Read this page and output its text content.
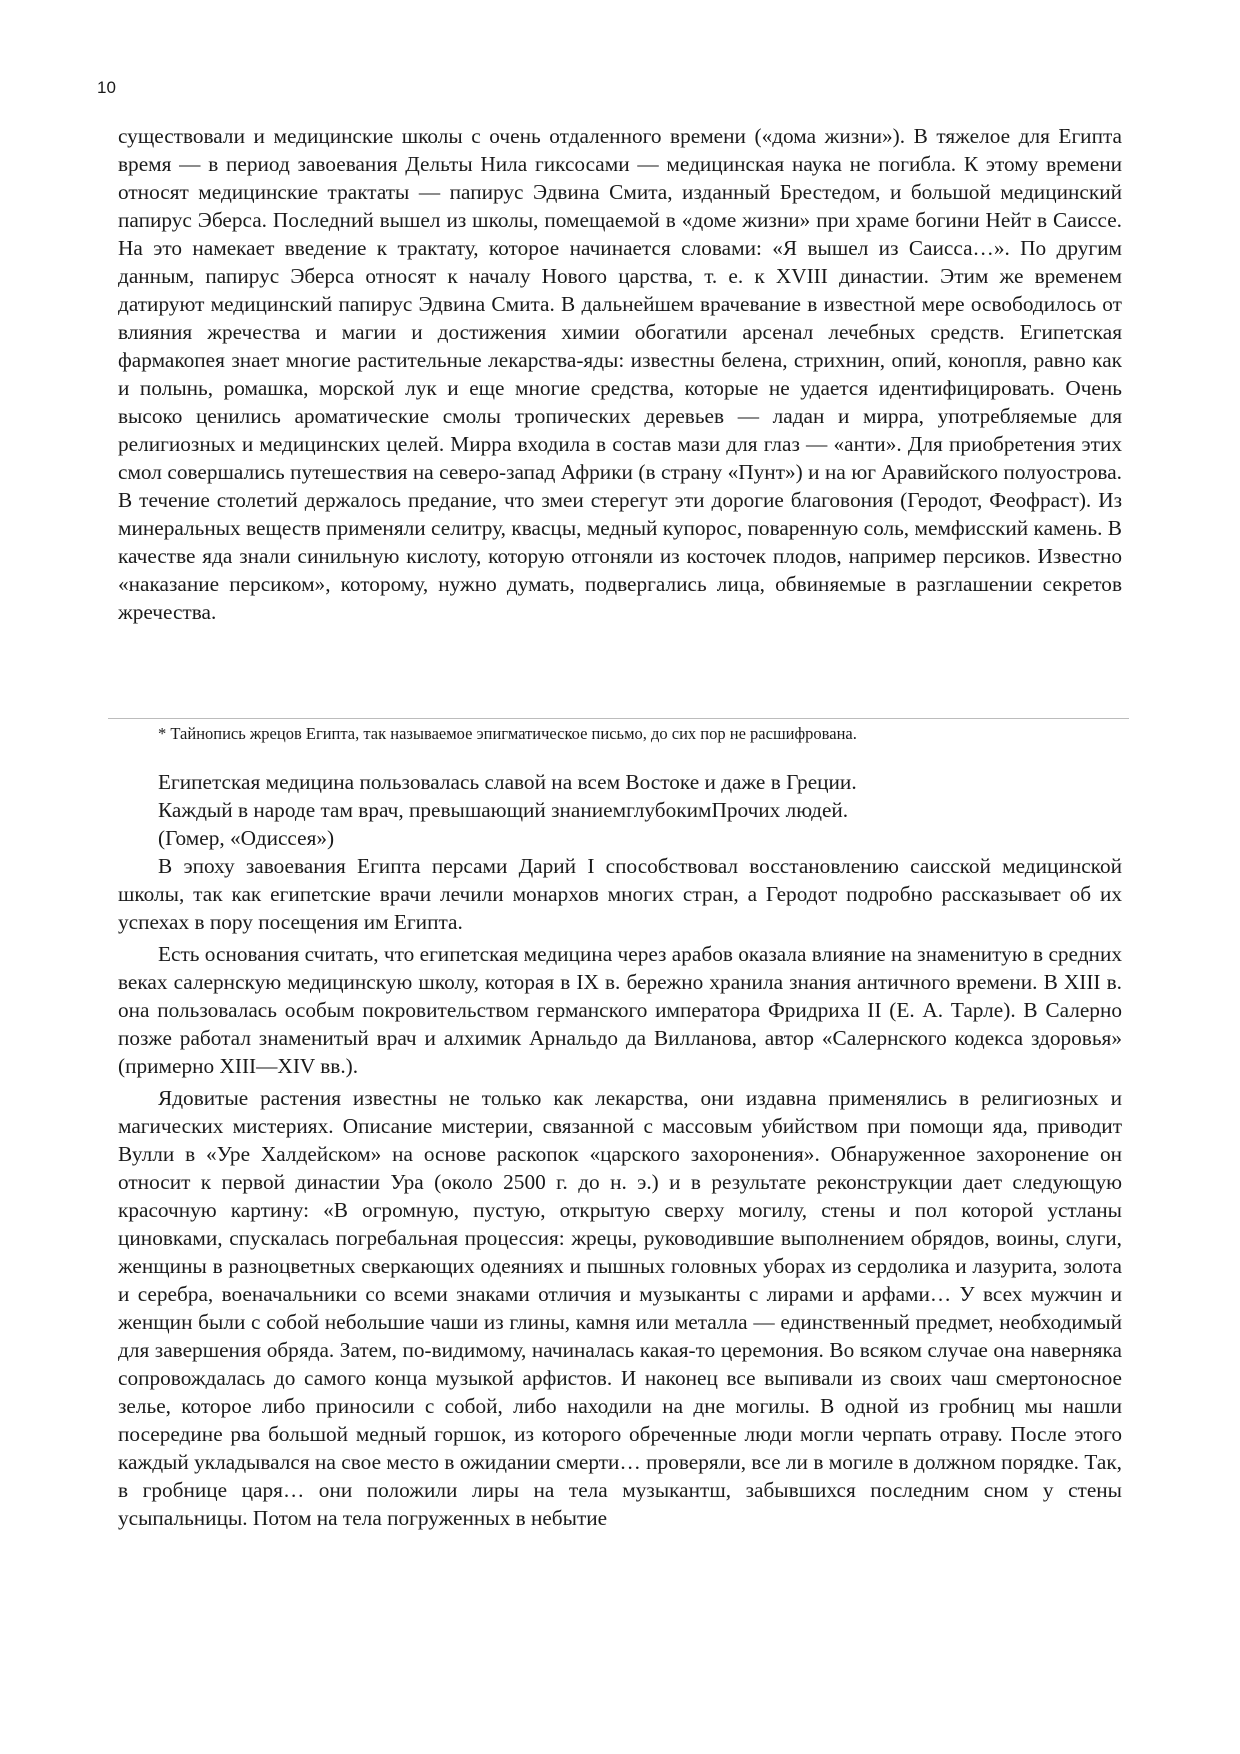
10

существовали и медицинские школы с очень отдаленного времени («дома жизни»). В тяжелое для Египта время — в период завоевания Дельты Нила гиксосами — медицинская наука не погибла. К этому времени относят медицинские трактаты — папирус Эдвина Смита, изданный Брестедом, и большой медицинский папирус Эберса. Последний вышел из школы, помещаемой в «доме жизни» при храме богини Нейт в Саиссе. На это намекает введение к трактату, которое начинается словами: «Я вышел из Саисса…». По другим данным, папирус Эберса относят к началу Нового царства, т. е. к XVIII династии. Этим же временем датируют медицинский папирус Эдвина Смита. В дальнейшем врачевание в известной мере освободилось от влияния жречества и магии и достижения химии обогатили арсенал лечебных средств. Египетская фармакопея знает многие растительные лекарства-яды: известны белена, стрихнин, опий, конопля, равно как и полынь, ромашка, морской лук и еще многие средства, которые не удается идентифицировать. Очень высоко ценились ароматические смолы тропических деревьев — ладан и мирра, употребляемые для религиозных и медицинских целей. Мирра входила в состав мази для глаз — «анти». Для приобретения этих смол совершались путешествия на северо-запад Африки (в страну «Пунт») и на юг Аравийского полуострова. В течение столетий держалось предание, что змеи стерегут эти дорогие благовония (Геродот, Феофраст). Из минеральных веществ применяли селитру, квасцы, медный купорос, поваренную соль, мемфисский камень. В качестве яда знали синильную кислоту, которую отгоняли из косточек плодов, например персиков. Известно «наказание персиком», которому, нужно думать, подвергались лица, обвиняемые в разглашении секретов жречества.

* Тайнопись жрецов Египта, так называемое эпигматическое письмо, до сих пор не расшифрована.

Египетская медицина пользовалась славой на всем Востоке и даже в Греции.

Каждый в народе там врач, превышающий знаниемглубокимПрочих людей.

(Гомер, «Одиссея»)

В эпоху завоевания Египта персами Дарий I способствовал восстановлению саисской медицинской школы, так как египетские врачи лечили монархов многих стран, а Геродот подробно рассказывает об их успехах в пору посещения им Египта.

Есть основания считать, что египетская медицина через арабов оказала влияние на знаменитую в средних веках салернскую медицинскую школу, которая в IX в. бережно хранила знания античного времени. В XIII в. она пользовалась особым покровительством германского императора Фридриха II (Е. А. Тарле). В Салерно позже работал знаменитый врач и алхимик Арнальдо да Вилланова, автор «Салернского кодекса здоровья» (примерно XIII—XIV вв.).

Ядовитые растения известны не только как лекарства, они издавна применялись в религиозных и магических мистериях. Описание мистерии, связанной с массовым убийством при помощи яда, приводит Вулли в «Уре Халдейском» на основе раскопок «царского захоронения». Обнаруженное захоронение он относит к первой династии Ура (около 2500 г. до н. э.) и в результате реконструкции дает следующую красочную картину: «В огромную, пустую, открытую сверху могилу, стены и пол которой устланы циновками, спускалась погребальная процессия: жрецы, руководившие выполнением обрядов, воины, слуги, женщины в разноцветных сверкающих одеяниях и пышных головных уборах из сердолика и лазурита, золота и серебра, военачальники со всеми знаками отличия и музыканты с лирами и арфами… У всех мужчин и женщин были с собой небольшие чаши из глины, камня или металла — единственный предмет, необходимый для завершения обряда. Затем, по-видимому, начиналась какая-то церемония. Во всяком случае она наверняка сопровождалась до самого конца музыкой арфистов. И наконец все выпивали из своих чаш смертоносное зелье, которое либо приносили с собой, либо находили на дне могилы. В одной из гробниц мы нашли посередине рва большой медный горшок, из которого обреченные люди могли черпать отраву. После этого каждый укладывался на свое место в ожидании смерти… проверяли, все ли в могиле в должном порядке. Так, в гробнице царя… они положили лиры на тела музыкантш, забывшихся последним сном у стены усыпальницы. Потом на тела погруженных в небытие
